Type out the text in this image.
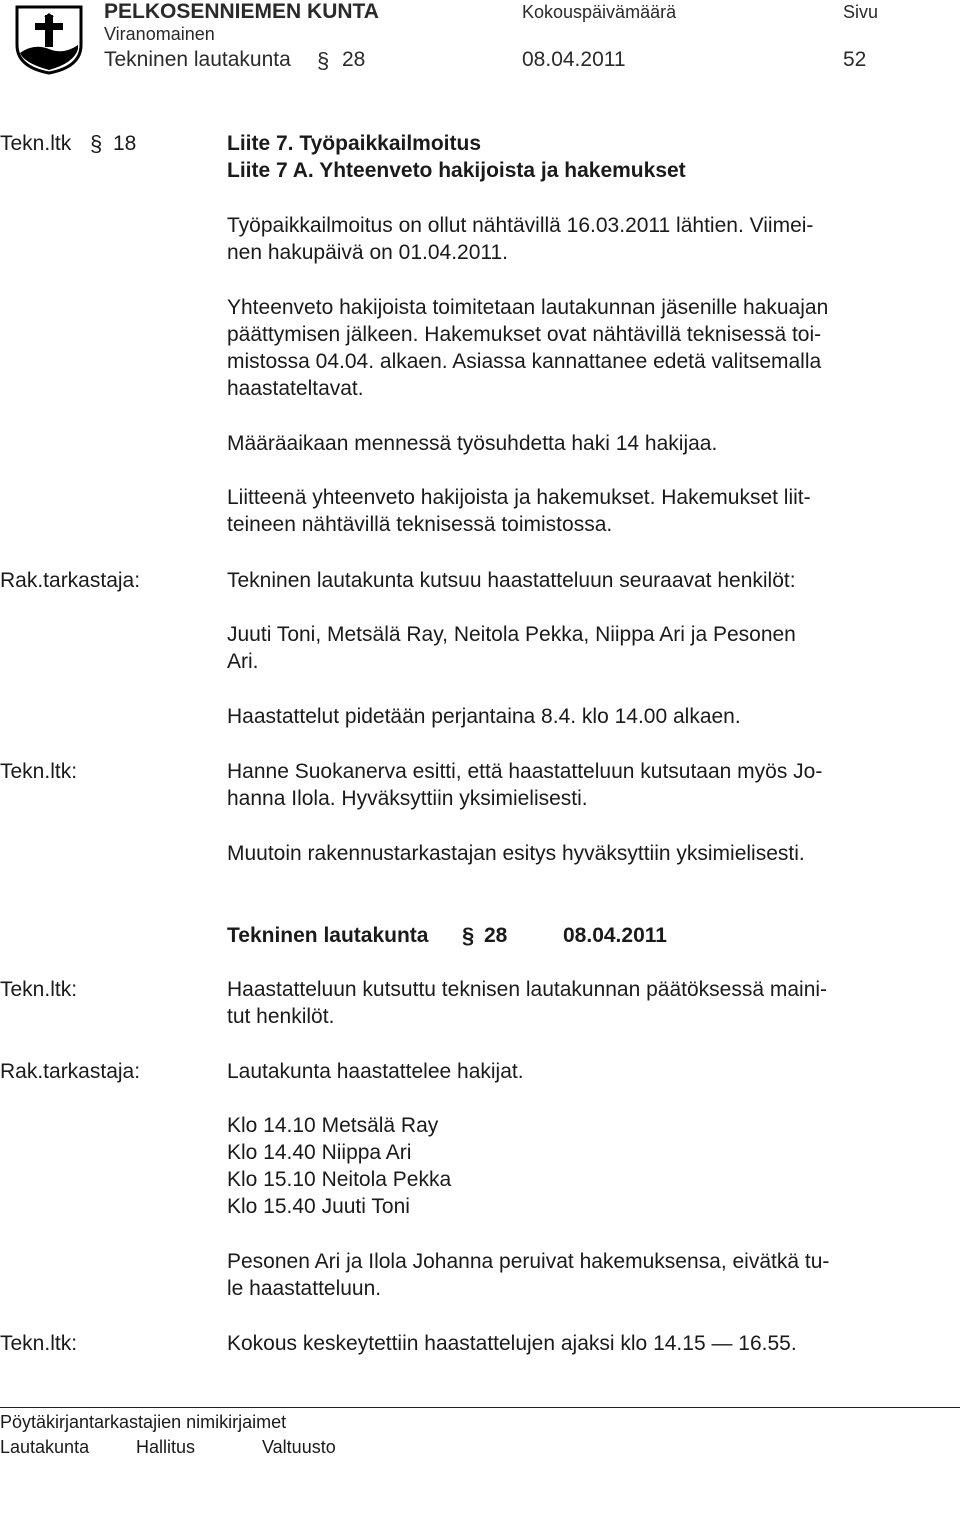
PELKOSENNIEMEN KUNTA
Viranomainen
Kokouspäivämäärä	Sivu
Tekninen lautakunta § 28	08.04.2011	52
Tekn.ltk § 18	Liite 7. Työpaikkailmoitus
Liite 7 A. Yhteenveto hakijoista ja hakemukset
Työpaikkailmoitus on ollut nähtävillä 16.03.2011 lähtien. Viimei-
nen hakupäivä on 01.04.2011.
Yhteenveto hakijoista toimitetaan lautakunnan jäsenille hakuajan
päättymisen jälkeen. Hakemukset ovat nähtävillä teknisessä toi-
mistossa 04.04. alkaen. Asiassa kannattanee edetä valitsemalla
haastateltavat.
Määräaikaan mennessä työsuhdetta haki 14 hakijaa.
Liitteenä yhteenveto hakijoista ja hakemukset. Hakemukset liit-
teineen nähtävillä teknisessä toimistossa.
Rak.tarkastaja:	Tekninen lautakunta kutsuu haastatteluun seuraavat henkilöt:
Juuti Toni, Metsälä Ray, Neitola Pekka, Niippa Ari ja Pesonen
Ari.
Haastattelut pidetään perjantaina 8.4. klo 14.00 alkaen.
Tekn.ltk:	Hanne Suokanerva esitti, että haastatteluun kutsutaan myös Jo-
hanna Ilola. Hyväksyttiin yksimielisesti.
Muutoin rakennustarkastajan esitys hyväksyttiin yksimielisesti.
Tekninen lautakunta § 28	08.04.2011
Tekn.ltk:	Haastatteluun kutsuttu teknisen lautakunnan päätöksessä maini-
tut henkilöt.
Rak.tarkastaja:	Lautakunta haastattelee hakijat.
Klo 14.10 Metsälä Ray
Klo 14.40 Niippa Ari
Klo 15.10 Neitola Pekka
Klo 15.40 Juuti Toni
Pesonen Ari ja Ilola Johanna peruivat hakemuksensa, eivätkä tu-
le haastatteluun.
Tekn.ltk:	Kokous keskeytettiin haastattelujen ajaksi klo 14.15 — 16.55.
Pöytäkirjantarkastajien nimikirjaimet
Lautakunta	Hallitus	Valtuusto
